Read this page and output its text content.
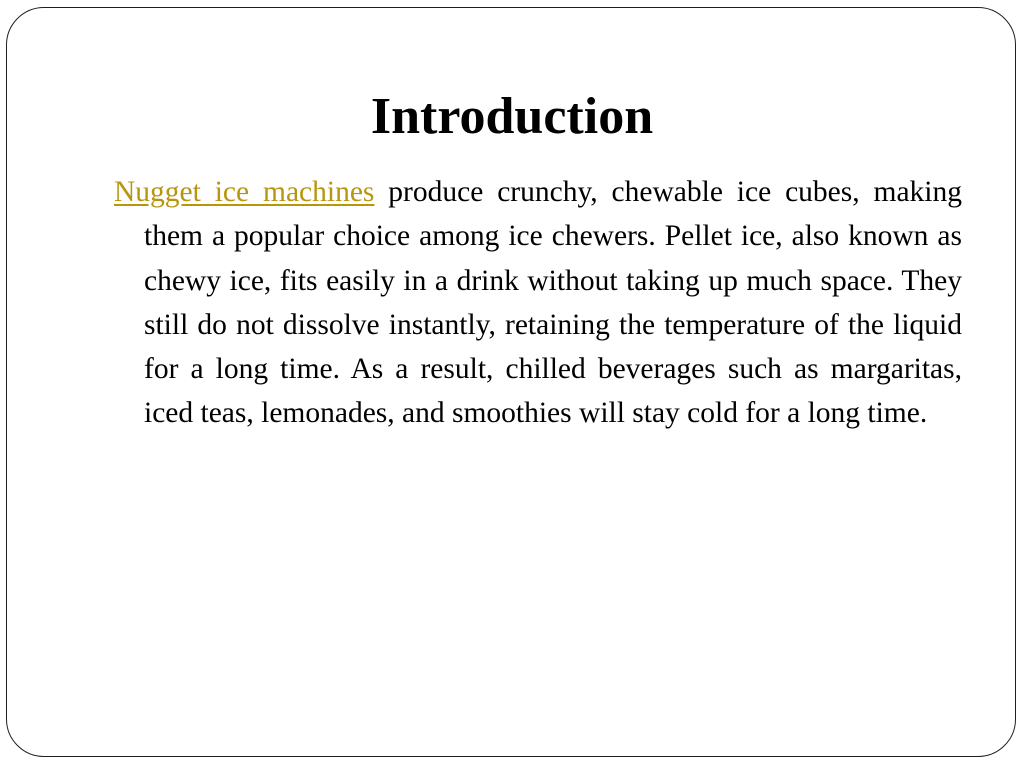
Introduction

Nugget ice machines produce crunchy, chewable ice cubes, making them a popular choice among ice chewers. Pellet ice, also known as chewy ice, fits easily in a drink without taking up much space. They still do not dissolve instantly, retaining the temperature of the liquid for a long time. As a result, chilled beverages such as margaritas, iced teas, lemonades, and smoothies will stay cold for a long time.
